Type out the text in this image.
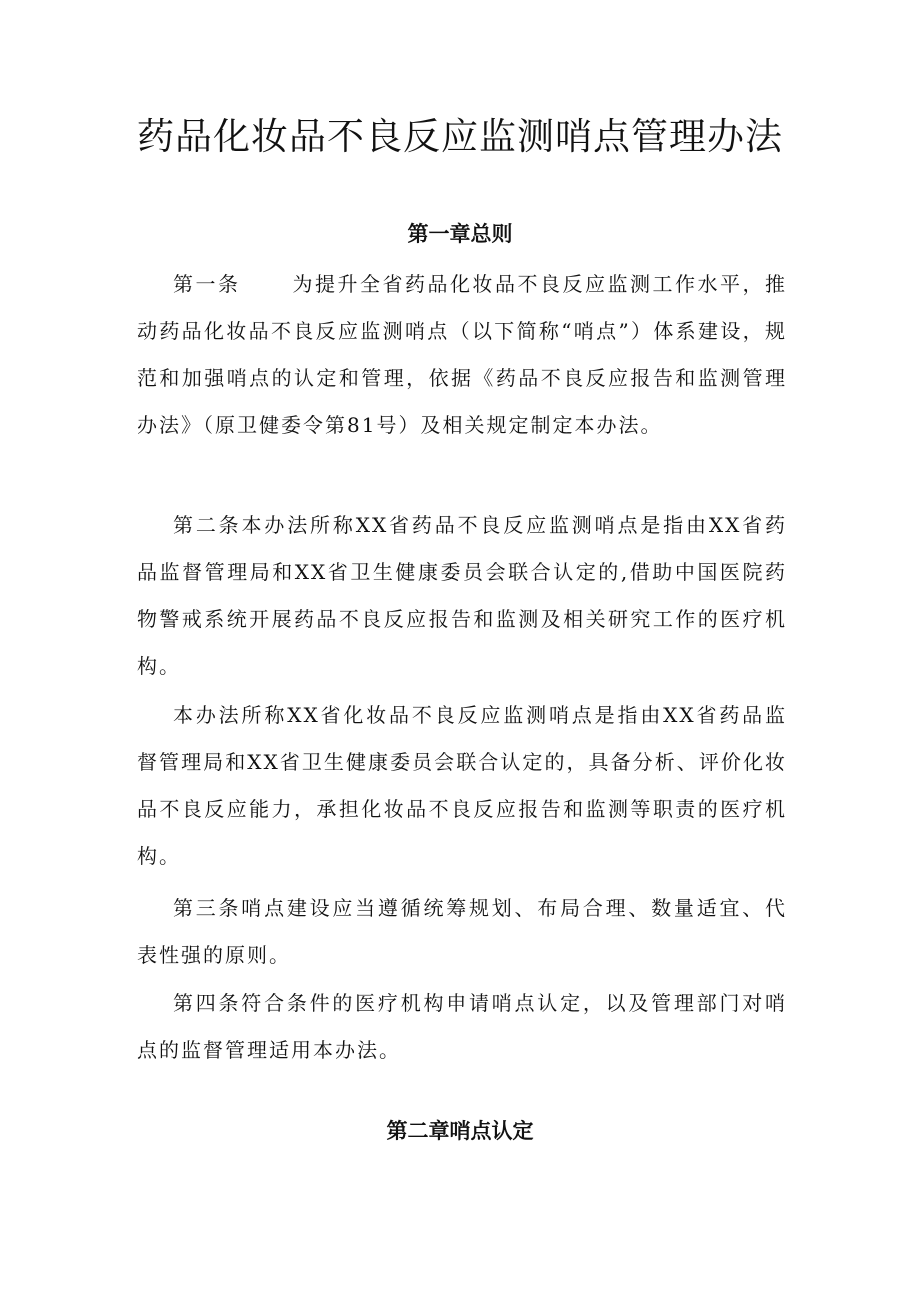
药品化妆品不良反应监测哨点管理办法
第一章总则

第一条	为提升全省药品化妆品不良反应监测工作水平，推动药品化妆品不良反应监测哨点（以下简称“哨点”）体系建设，规范和加强哨点的认定和管理，依据《药品不良反应报告和监测管理办法》（原卫健委令第81号）及相关规定制定本办法。

第二条本办法所称XX省药品不良反应监测哨点是指由XX省药品监督管理局和XX省卫生健康委员会联合认定的,借助中国医院药物警戒系统开展药品不良反应报告和监测及相关研究工作的医疗机构。

本办法所称XX省化妆品不良反应监测哨点是指由XX省药品监督管理局和XX省卫生健康委员会联合认定的，具备分析、评价化妆品不良反应能力，承担化妆品不良反应报告和监测等职责的医疗机构。

第三条哨点建设应当遵循统筹规划、布局合理、数量适宜、代表性强的原则。

第四条符合条件的医疗机构申请哨点认定，以及管理部门对哨点的监督管理适用本办法。

第二章哨点认定
